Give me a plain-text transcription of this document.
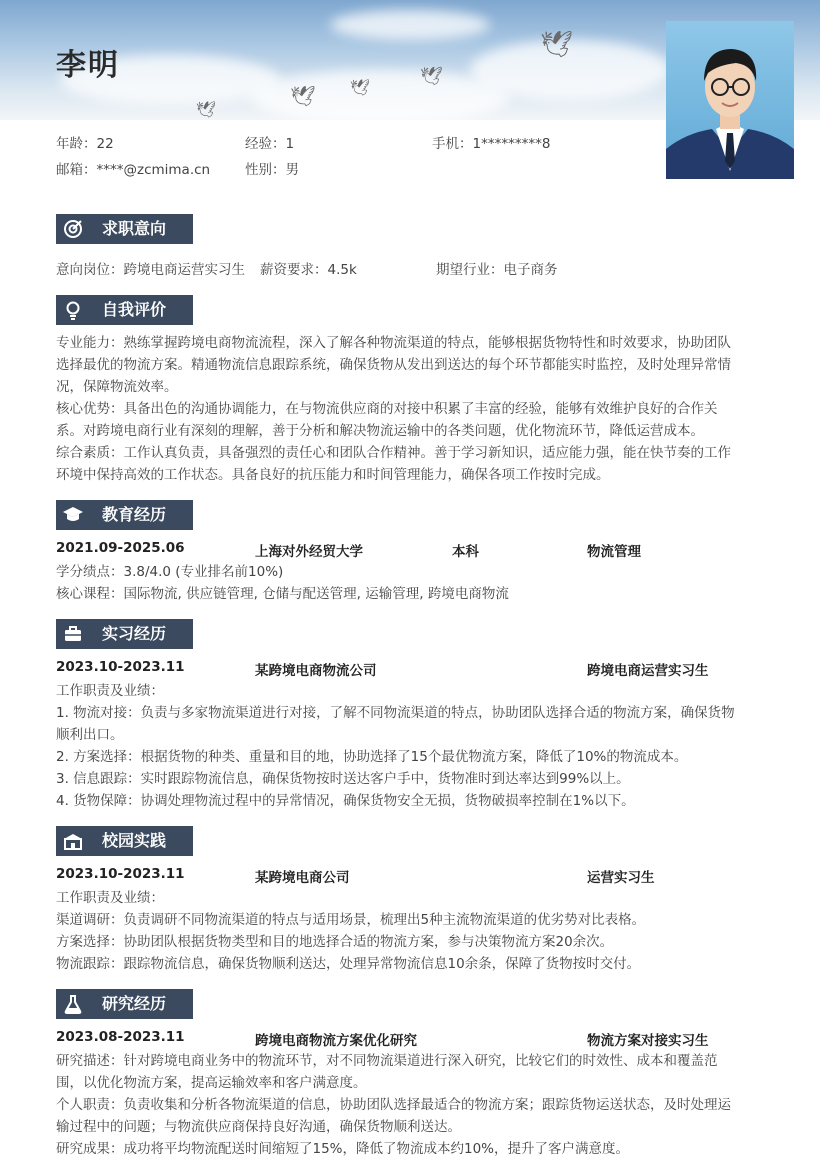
🕊
🕊
🕊
🕊
🕊
李明
年龄：22	经验：1	手机：1*********8
邮箱：****@zcmima.cn	性别：男
求职意向
意向岗位：跨境电商运营实习生 薪资要求：4.5k	期望行业：电子商务
自我评价
专业能力：熟练掌握跨境电商物流流程，深入了解各种物流渠道的特点，能够根据货物特性和时效要求，协助团队
选择最优的物流方案。精通物流信息跟踪系统，确保货物从发出到送达的每个环节都能实时监控，及时处理异常情
况，保障物流效率。
核心优势：具备出色的沟通协调能力，在与物流供应商的对接中积累了丰富的经验，能够有效维护良好的合作关
系。对跨境电商行业有深刻的理解，善于分析和解决物流运输中的各类问题，优化物流环节，降低运营成本。
综合素质：工作认真负责，具备强烈的责任心和团队合作精神。善于学习新知识，适应能力强，能在快节奏的工作
环境中保持高效的工作状态。具备良好的抗压能力和时间管理能力，确保各项工作按时完成。
教育经历
2021.09-2025.06	上海对外经贸大学	本科	物流管理
学分绩点：3.8/4.0 (专业排名前10%)
核心课程：国际物流, 供应链管理, 仓储与配送管理, 运输管理, 跨境电商物流
实习经历
2023.10-2023.11	某跨境电商物流公司	跨境电商运营实习生
工作职责及业绩：
1. 物流对接：负责与多家物流渠道进行对接，了解不同物流渠道的特点，协助团队选择合适的物流方案，确保货物
顺利出口。
2. 方案选择：根据货物的种类、重量和目的地，协助选择了15个最优物流方案，降低了10%的物流成本。
3. 信息跟踪：实时跟踪物流信息，确保货物按时送达客户手中，货物准时到达率达到99%以上。
4. 货物保障：协调处理物流过程中的异常情况，确保货物安全无损，货物破损率控制在1%以下。
校园实践
2023.10-2023.11	某跨境电商公司	运营实习生
工作职责及业绩：
渠道调研：负责调研不同物流渠道的特点与适用场景，梳理出5种主流物流渠道的优劣势对比表格。
方案选择：协助团队根据货物类型和目的地选择合适的物流方案，参与决策物流方案20余次。
物流跟踪：跟踪物流信息，确保货物顺利送达，处理异常物流信息10余条，保障了货物按时交付。
研究经历
2023.08-2023.11	跨境电商物流方案优化研究	物流方案对接实习生
研究描述：针对跨境电商业务中的物流环节，对不同物流渠道进行深入研究，比较它们的时效性、成本和覆盖范
围，以优化物流方案，提高运输效率和客户满意度。
个人职责：负责收集和分析各物流渠道的信息，协助团队选择最适合的物流方案；跟踪货物运送状态，及时处理运
输过程中的问题；与物流供应商保持良好沟通，确保货物顺利送达。
研究成果：成功将平均物流配送时间缩短了15%，降低了物流成本约10%，提升了客户满意度。
